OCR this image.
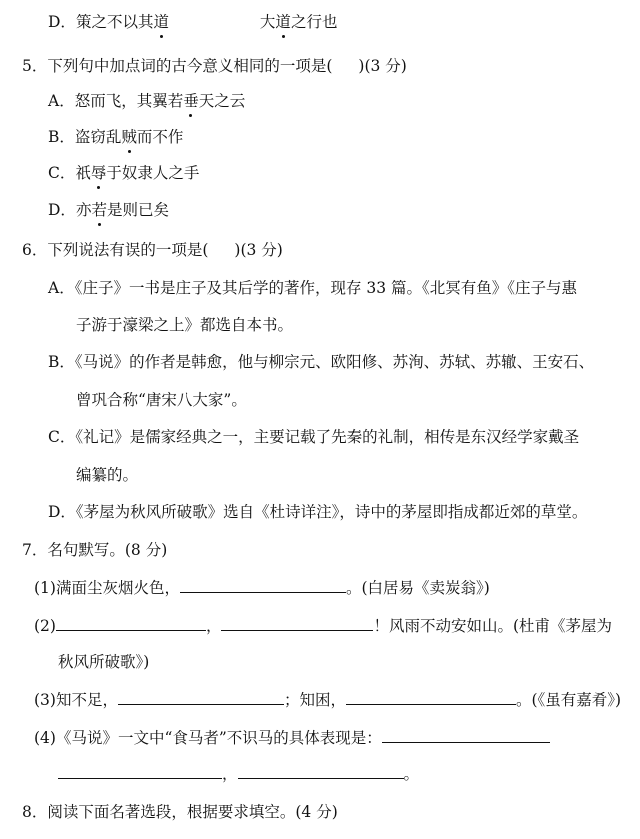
D．策之不以其道	大道之行也
5．下列句中加点词的古今意义相同的一项是( )(3 分)
A．怒而飞，其翼若垂天之云
B．盗窃乱贼而不作
C．祇辱于奴隶人之手
D．亦若是则已矣
6．下列说法有误的一项是( )(3 分)
A．《庄子》一书是庄子及其后学的著作，现存 33 篇。《北冥有鱼》《庄子与惠
子游于濠梁之上》都选自本书。
B．《马说》的作者是韩愈，他与柳宗元、欧阳修、苏洵、苏轼、苏辙、王安石、
曾巩合称“唐宋八大家”。
C．《礼记》是儒家经典之一，主要记载了先秦的礼制，相传是东汉经学家戴圣
编纂的。
D．《茅屋为秋风所破歌》选自《杜诗详注》，诗中的茅屋即指成都近郊的草堂。
7．名句默写。(8 分)
(1)满面尘灰烟火色，	。(白居易《卖炭翁》)
(2)	，	！风雨不动安如山。(杜甫《茅屋为
秋风所破歌》)
(3)知不足，	；知困，	。(《虽有嘉肴》)
(4)《马说》一文中“食马者”不识马的具体表现是：
，	。
8．阅读下面名著选段，根据要求填空。(4 分)
